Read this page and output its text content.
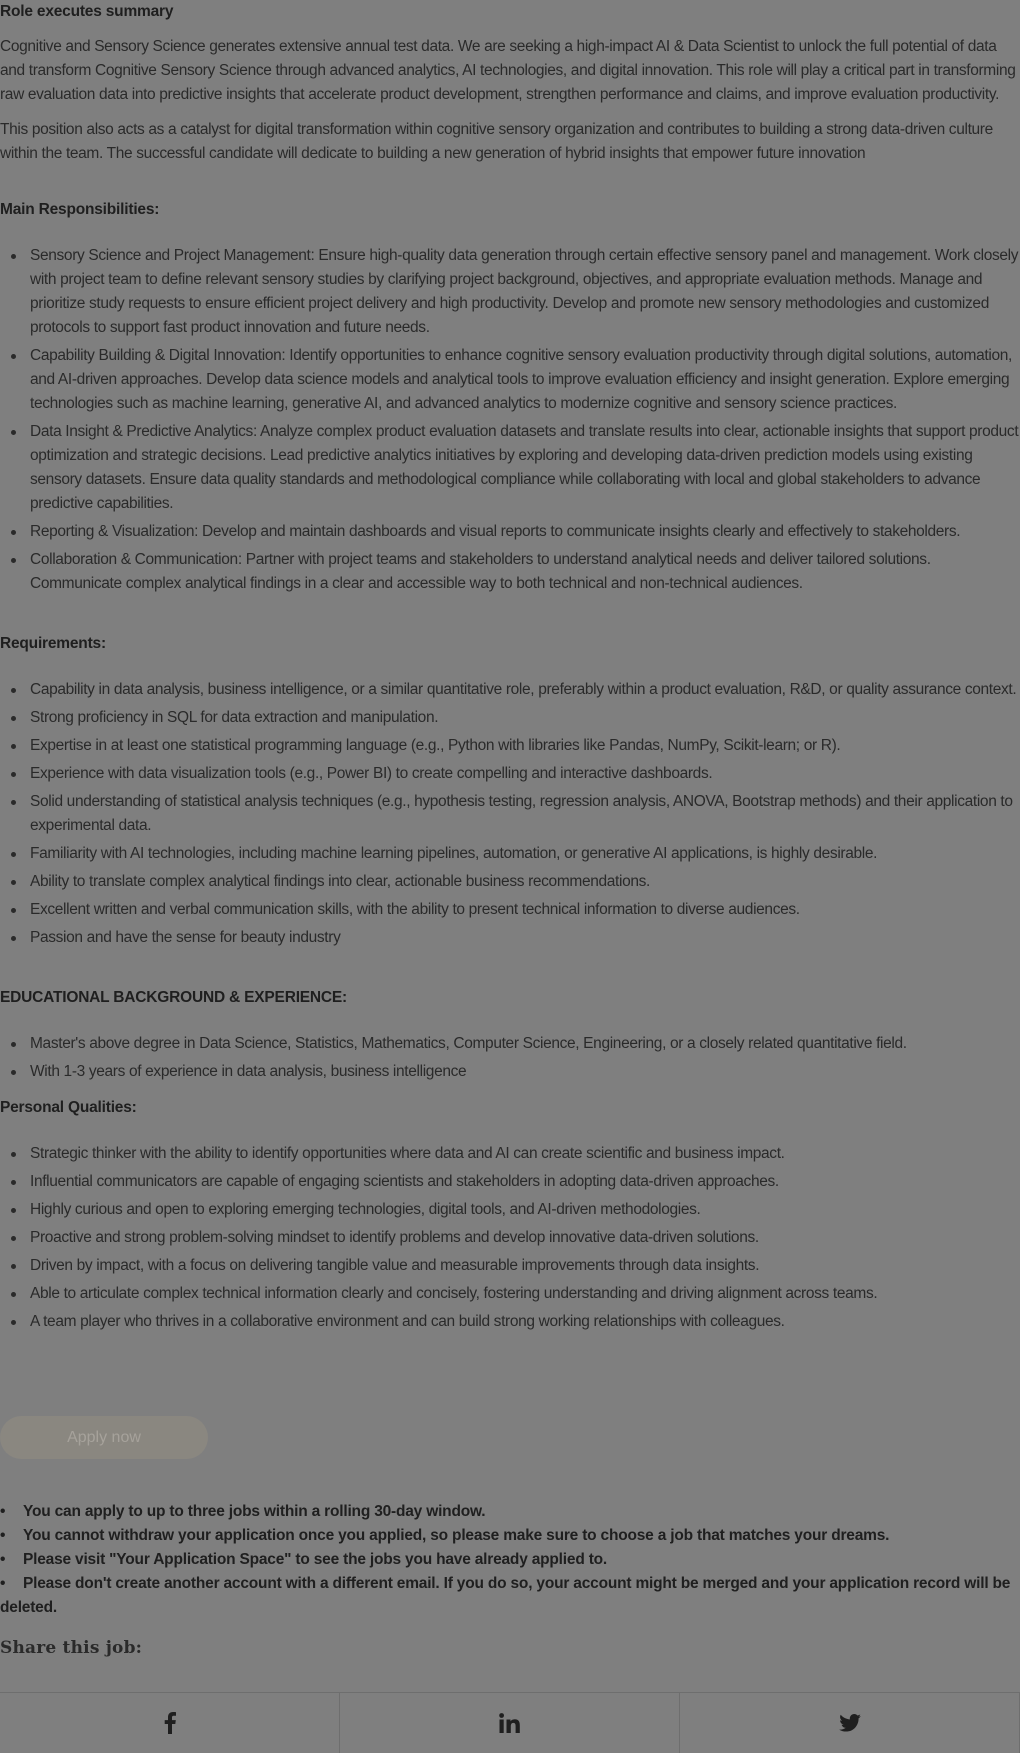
Role executes summary

Cognitive and Sensory Science generates extensive annual test data. We are seeking a high-impact AI & Data Scientist to unlock the full potential of data and transform Cognitive Sensory Science through advanced analytics, AI technologies, and digital innovation. This role will play a critical part in transforming raw evaluation data into predictive insights that accelerate product development, strengthen performance and claims, and improve evaluation productivity.

This position also acts as a catalyst for digital transformation within cognitive sensory organization and contributes to building a strong data-driven culture within the team. The successful candidate will dedicate to building a new generation of hybrid insights that empower future innovation

Main Responsibilities:
Sensory Science and Project Management: Ensure high-quality data generation through certain effective sensory panel and management. Work closely with project team to define relevant sensory studies by clarifying project background, objectives, and appropriate evaluation methods. Manage and prioritize study requests to ensure efficient project delivery and high productivity. Develop and promote new sensory methodologies and customized protocols to support fast product innovation and future needs.
Capability Building & Digital Innovation: Identify opportunities to enhance cognitive sensory evaluation productivity through digital solutions, automation, and AI-driven approaches. Develop data science models and analytical tools to improve evaluation efficiency and insight generation. Explore emerging technologies such as machine learning, generative AI, and advanced analytics to modernize cognitive and sensory science practices.
Data Insight & Predictive Analytics: Analyze complex product evaluation datasets and translate results into clear, actionable insights that support product optimization and strategic decisions. Lead predictive analytics initiatives by exploring and developing data-driven prediction models using existing sensory datasets. Ensure data quality standards and methodological compliance while collaborating with local and global stakeholders to advance predictive capabilities.
Reporting & Visualization: Develop and maintain dashboards and visual reports to communicate insights clearly and effectively to stakeholders.
Collaboration & Communication: Partner with project teams and stakeholders to understand analytical needs and deliver tailored solutions. Communicate complex analytical findings in a clear and accessible way to both technical and non-technical audiences.
Requirements:
Capability in data analysis, business intelligence, or a similar quantitative role, preferably within a product evaluation, R&D, or quality assurance context.
Strong proficiency in SQL for data extraction and manipulation.
Expertise in at least one statistical programming language (e.g., Python with libraries like Pandas, NumPy, Scikit-learn; or R).
Experience with data visualization tools (e.g., Power BI) to create compelling and interactive dashboards.
Solid understanding of statistical analysis techniques (e.g., hypothesis testing, regression analysis, ANOVA, Bootstrap methods) and their application to experimental data.
Familiarity with AI technologies, including machine learning pipelines, automation, or generative AI applications, is highly desirable.
Ability to translate complex analytical findings into clear, actionable business recommendations.
Excellent written and verbal communication skills, with the ability to present technical information to diverse audiences.
Passion and have the sense for beauty industry
EDUCATIONAL BACKGROUND & EXPERIENCE:
Master's above degree in Data Science, Statistics, Mathematics, Computer Science, Engineering, or a closely related quantitative field.
With 1-3 years of experience in data analysis, business intelligence
Personal Qualities:
Strategic thinker with the ability to identify opportunities where data and AI can create scientific and business impact.
Influential communicators are capable of engaging scientists and stakeholders in adopting data-driven approaches.
Highly curious and open to exploring emerging technologies, digital tools, and AI-driven methodologies.
Proactive and strong problem-solving mindset to identify problems and develop innovative data-driven solutions.
Driven by impact, with a focus on delivering tangible value and measurable improvements through data insights.
Able to articulate complex technical information clearly and concisely, fostering understanding and driving alignment across teams.
A team player who thrives in a collaborative environment and can build strong working relationships with colleagues.
Apply now
• You can apply to up to three jobs within a rolling 30-day window.
• You cannot withdraw your application once you applied, so please make sure to choose a job that matches your dreams.
• Please visit "Your Application Space" to see the jobs you have already applied to.
• Please don't create another account with a different email. If you do so, your account might be merged and your application record will be deleted.
Share this job:
